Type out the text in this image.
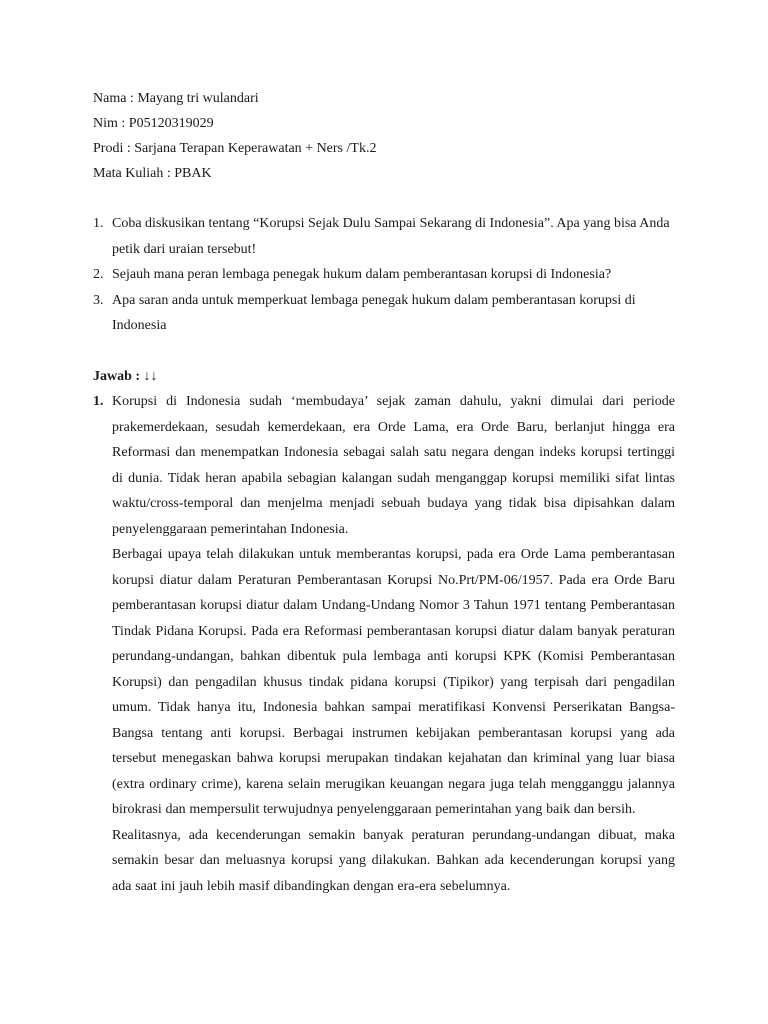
Nama : Mayang tri wulandari
Nim : P05120319029
Prodi : Sarjana Terapan Keperawatan + Ners /Tk.2
Mata Kuliah : PBAK
1. Coba diskusikan tentang “Korupsi Sejak Dulu Sampai Sekarang di Indonesia”. Apa yang bisa Anda petik dari uraian tersebut!
2. Sejauh mana peran lembaga penegak hukum dalam pemberantasan korupsi di Indonesia?
3. Apa saran anda untuk memperkuat lembaga penegak hukum dalam pemberantasan korupsi di Indonesia
Jawab : ↓↓
1. Korupsi di Indonesia sudah ‘membudaya’ sejak zaman dahulu, yakni dimulai dari periode prakemerdekaan, sesudah kemerdekaan, era Orde Lama, era Orde Baru, berlanjut hingga era Reformasi dan menempatkan Indonesia sebagai salah satu negara dengan indeks korupsi tertinggi di dunia. Tidak heran apabila sebagian kalangan sudah menganggap korupsi memiliki sifat lintas waktu/cross-temporal dan menjelma menjadi sebuah budaya yang tidak bisa dipisahkan dalam penyelenggaraan pemerintahan Indonesia.

Berbagai upaya telah dilakukan untuk memberantas korupsi, pada era Orde Lama pemberantasan korupsi diatur dalam Peraturan Pemberantasan Korupsi No.Prt/PM-06/1957. Pada era Orde Baru pemberantasan korupsi diatur dalam Undang-Undang Nomor 3 Tahun 1971 tentang Pemberantasan Tindak Pidana Korupsi. Pada era Reformasi pemberantasan korupsi diatur dalam banyak peraturan perundang-undangan, bahkan dibentuk pula lembaga anti korupsi KPK (Komisi Pemberantasan Korupsi) dan pengadilan khusus tindak pidana korupsi (Tipikor) yang terpisah dari pengadilan umum. Tidak hanya itu, Indonesia bahkan sampai meratifikasi Konvensi Perserikatan Bangsa-Bangsa tentang anti korupsi. Berbagai instrumen kebijakan pemberantasan korupsi yang ada tersebut menegaskan bahwa korupsi merupakan tindakan kejahatan dan kriminal yang luar biasa (extra ordinary crime), karena selain merugikan keuangan negara juga telah mengganggu jalannya birokrasi dan mempersulit terwujudnya penyelenggaraan pemerintahan yang baik dan bersih.

Realitasnya, ada kecenderungan semakin banyak peraturan perundang-undangan dibuat, maka semakin besar dan meluasnya korupsi yang dilakukan. Bahkan ada kecenderungan korupsi yang ada saat ini jauh lebih masif dibandingkan dengan era-era sebelumnya.
